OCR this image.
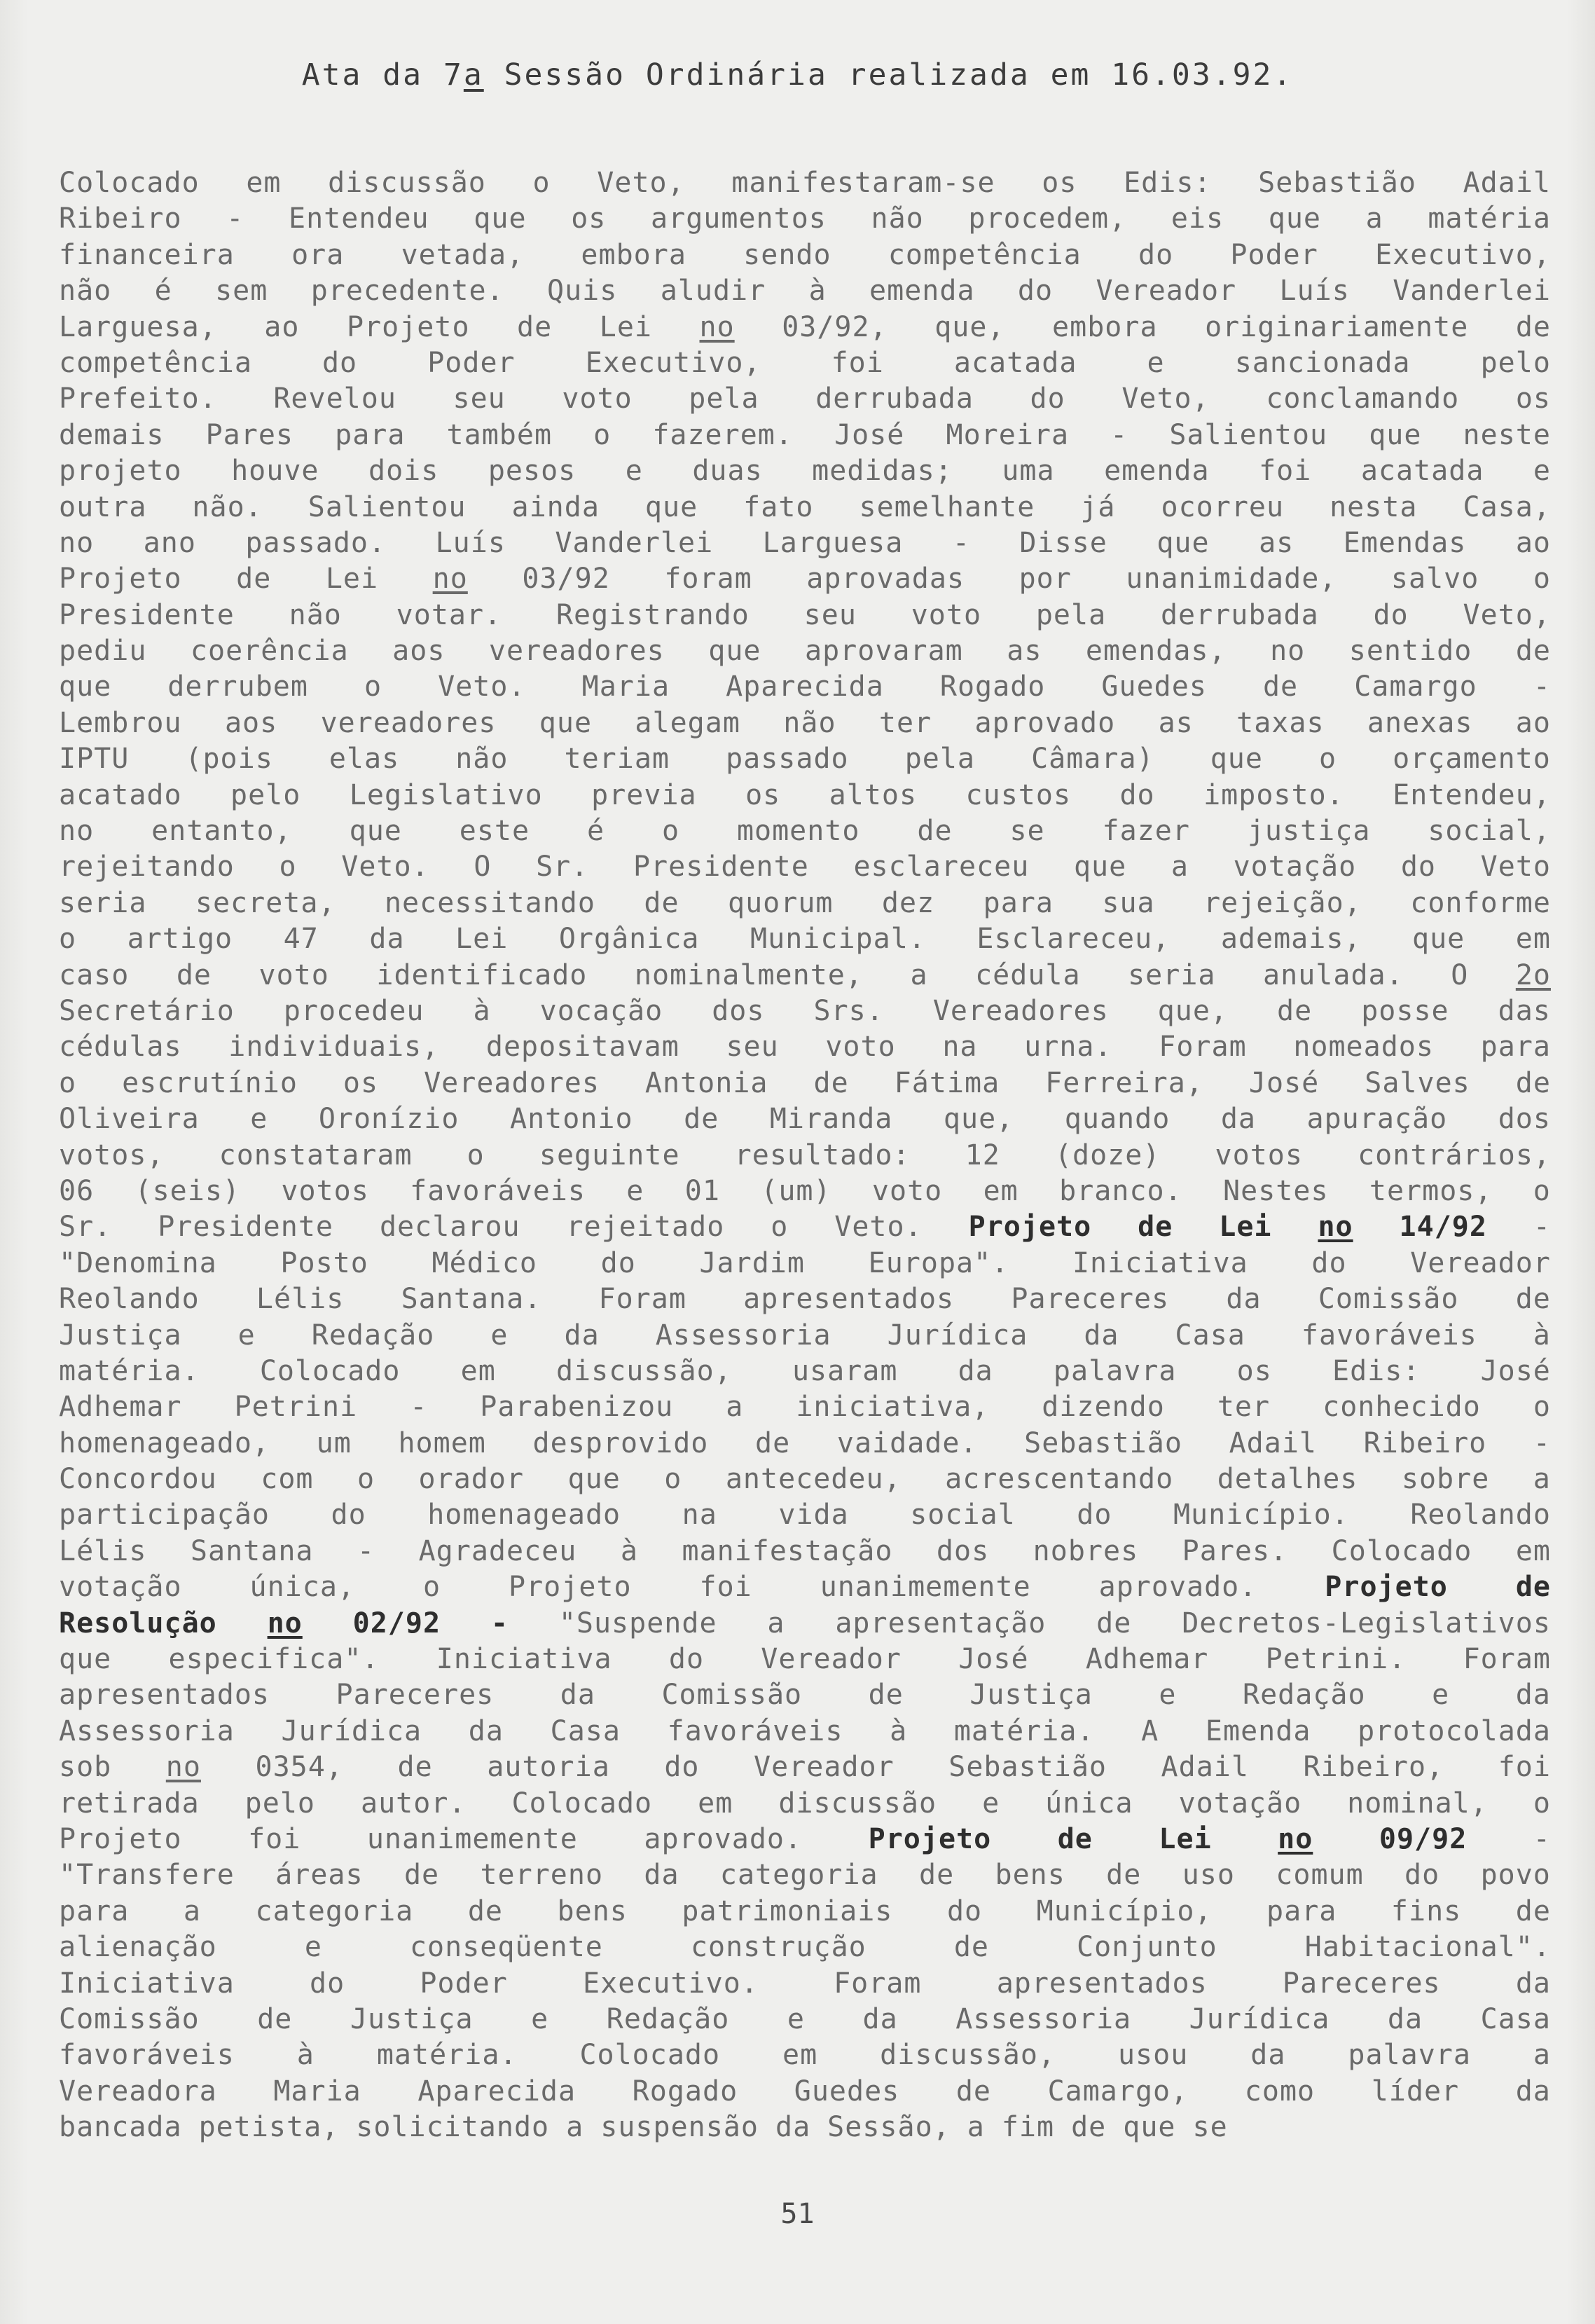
Ata da 7a Sessão Ordinária realizada em 16.03.92.
Colocado em discussão o Veto, manifestaram-se os Edis: Sebastião Adail
Ribeiro - Entendeu que os argumentos não procedem, eis que a matéria
financeira ora vetada, embora sendo competência do Poder Executivo,
não é sem precedente. Quis aludir à emenda do Vereador Luís Vanderlei
Larguesa, ao Projeto de Lei no 03/92, que, embora originariamente de
competência	do	Poder	Executivo,	foi	acatada	e	sancionada	pelo
Prefeito. Revelou seu voto pela derrubada do Veto, conclamando os
demais Pares para também o fazerem. José Moreira - Salientou que neste
projeto houve dois pesos e duas medidas; uma emenda foi acatada e
outra não. Salientou ainda que fato semelhante já ocorreu nesta Casa,
no ano passado. Luís Vanderlei Larguesa - Disse que as Emendas ao
Projeto de Lei no 03/92 foram aprovadas por unanimidade, salvo o
Presidente não votar. Registrando seu voto pela derrubada do Veto,
pediu coerência aos vereadores que aprovaram as emendas, no sentido de
que derrubem o Veto. Maria Aparecida Rogado Guedes de Camargo -
Lembrou aos vereadores que alegam não ter aprovado as taxas anexas ao
IPTU (pois elas não teriam passado pela Câmara) que o orçamento
acatado pelo Legislativo previa os altos custos do imposto. Entendeu,
no entanto, que este é o momento de se fazer justiça social,
rejeitando o Veto. O Sr. Presidente esclareceu que a votação do Veto
seria secreta, necessitando de quorum dez para sua rejeição, conforme
o artigo 47 da Lei Orgânica Municipal. Esclareceu, ademais, que em
caso de voto identificado nominalmente, a cédula seria anulada. O 2o
Secretário procedeu à vocação dos Srs. Vereadores que, de posse das
cédulas individuais, depositavam seu voto na urna. Foram nomeados para
o escrutínio os Vereadores Antonia de Fátima Ferreira, José Salves de
Oliveira e Oronízio Antonio de Miranda que, quando da apuração dos
votos, constataram o seguinte resultado: 12 (doze) votos contrários,
06 (seis) votos favoráveis e 01 (um) voto em branco. Nestes termos, o
Sr. Presidente declarou rejeitado o Veto. Projeto de Lei no 14/92 -
"Denomina Posto Médico do Jardim Europa". Iniciativa do Vereador
Reolando Lélis Santana. Foram apresentados Pareceres da Comissão de
Justiça e Redação e da Assessoria Jurídica da Casa favoráveis à
matéria. Colocado em discussão, usaram da palavra os Edis: José
Adhemar Petrini - Parabenizou a iniciativa, dizendo ter conhecido o
homenageado, um homem desprovido de vaidade. Sebastião Adail Ribeiro -
Concordou com o orador que o antecedeu, acrescentando detalhes sobre a
participação do homenageado na vida social do Município. Reolando
Lélis Santana - Agradeceu à manifestação dos nobres Pares. Colocado em
votação única, o Projeto foi unanimemente aprovado. Projeto de
Resolução no 02/92 - "Suspende a apresentação de Decretos-Legislativos
que especifica". Iniciativa do Vereador José Adhemar Petrini. Foram
apresentados Pareceres da Comissão de Justiça e Redação e da
Assessoria Jurídica da Casa favoráveis à matéria. A Emenda protocolada
sob no 0354, de autoria do Vereador Sebastião Adail Ribeiro, foi
retirada pelo autor. Colocado em discussão e única votação nominal, o
Projeto foi unanimemente aprovado. Projeto de Lei no 09/92 -
"Transfere áreas de terreno da categoria de bens de uso comum do povo
para a categoria de bens patrimoniais do Município, para fins de
alienação	e	conseqüente	construção	de	Conjunto	Habitacional".
Iniciativa	do	Poder	Executivo.	Foram	apresentados	Pareceres	da
Comissão de Justiça e Redação e da Assessoria Jurídica da Casa
favoráveis à matéria. Colocado em discussão, usou da palavra a
Vereadora Maria Aparecida Rogado Guedes de Camargo, como líder da
bancada petista, solicitando a suspensão da Sessão, a fim de que se
51
